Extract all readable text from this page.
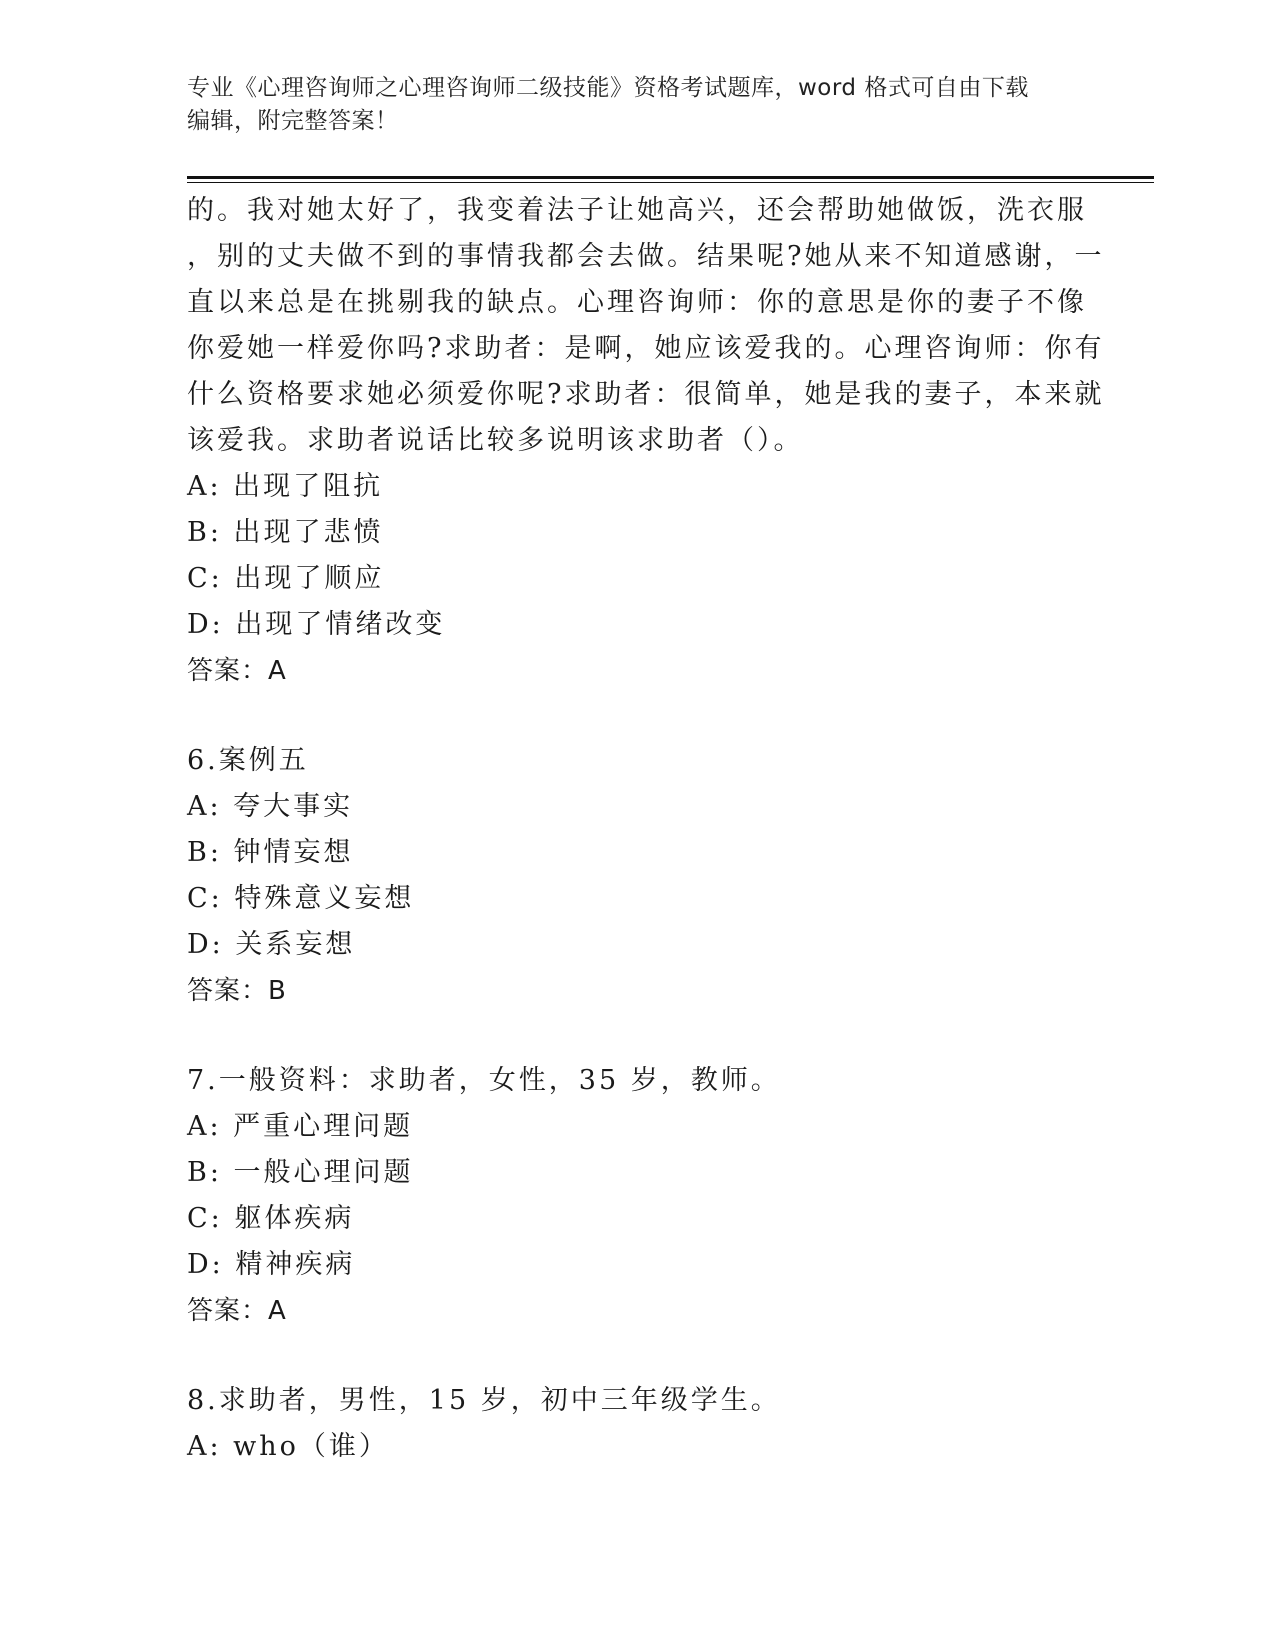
专业《心理咨询师之心理咨询师二级技能》资格考试题库，word 格式可自由下载
编辑，附完整答案！
的。我对她太好了，我变着法子让她高兴，还会帮助她做饭，洗衣服
，别的丈夫做不到的事情我都会去做。结果呢?她从来不知道感谢，一
直以来总是在挑剔我的缺点。心理咨询师：你的意思是你的妻子不像
你爱她一样爱你吗?求助者：是啊，她应该爱我的。心理咨询师：你有
什么资格要求她必须爱你呢?求助者：很简单，她是我的妻子，本来就
该爱我。求助者说话比较多说明该求助者（）。
A: 出现了阻抗
B: 出现了悲愤
C: 出现了顺应
D: 出现了情绪改变
答案：A
6.案例五
A: 夸大事实
B: 钟情妄想
C: 特殊意义妄想
D: 关系妄想
答案：B
7.一般资料：求助者，女性，35 岁，教师。
A: 严重心理问题
B: 一般心理问题
C: 躯体疾病
D: 精神疾病
答案：A
8.求助者，男性，15 岁，初中三年级学生。
A: who（谁）
